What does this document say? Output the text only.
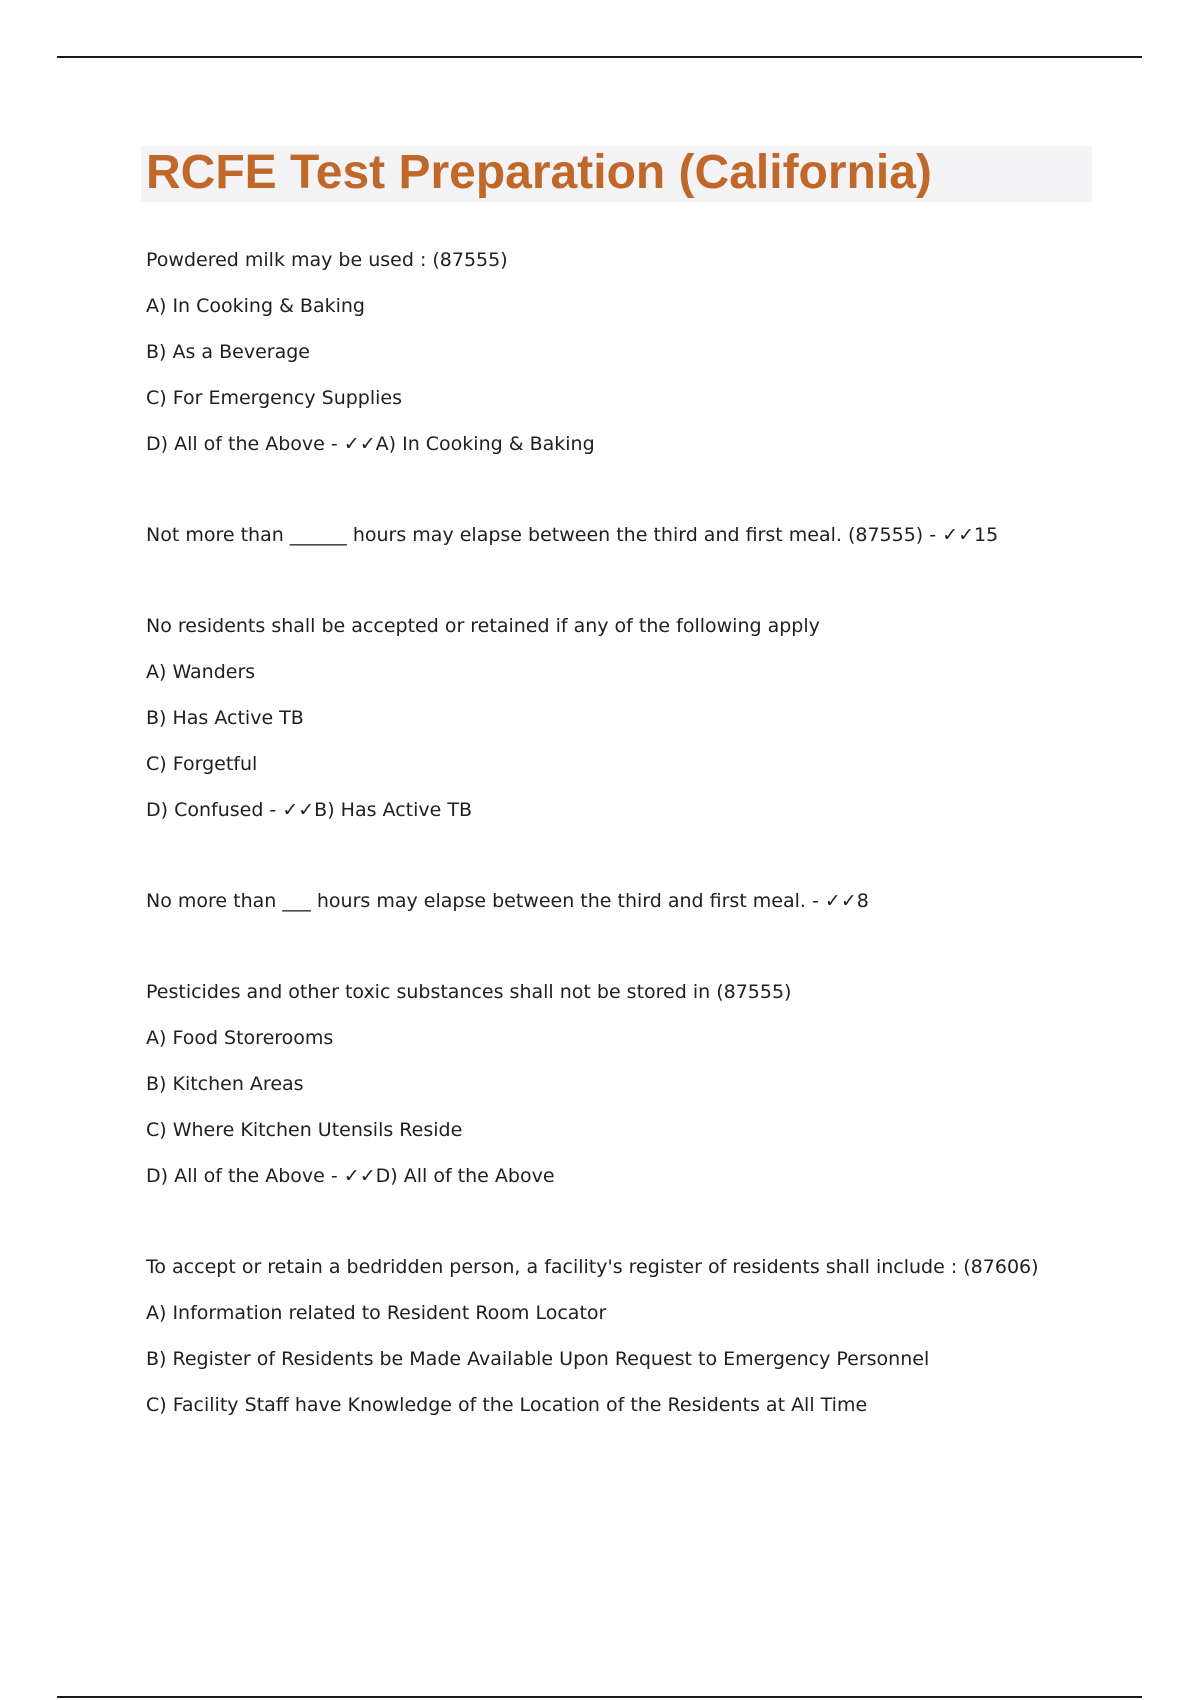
RCFE Test Preparation (California)

Powdered milk may be used : (87555)

A) In Cooking & Baking

B) As a Beverage

C) For Emergency Supplies

D) All of the Above - ✓✓A) In Cooking & Baking

Not more than ______ hours may elapse between the third and first meal. (87555) - ✓✓15

No residents shall be accepted or retained if any of the following apply

A) Wanders

B) Has Active TB

C) Forgetful

D) Confused - ✓✓B) Has Active TB

No more than ___ hours may elapse between the third and first meal. - ✓✓8

Pesticides and other toxic substances shall not be stored in (87555)

A) Food Storerooms

B) Kitchen Areas

C) Where Kitchen Utensils Reside

D) All of the Above - ✓✓D) All of the Above

To accept or retain a bedridden person, a facility's register of residents shall include : (87606)

A) Information related to Resident Room Locator

B) Register of Residents be Made Available Upon Request to Emergency Personnel

C) Facility Staff have Knowledge of the Location of the Residents at All Time
